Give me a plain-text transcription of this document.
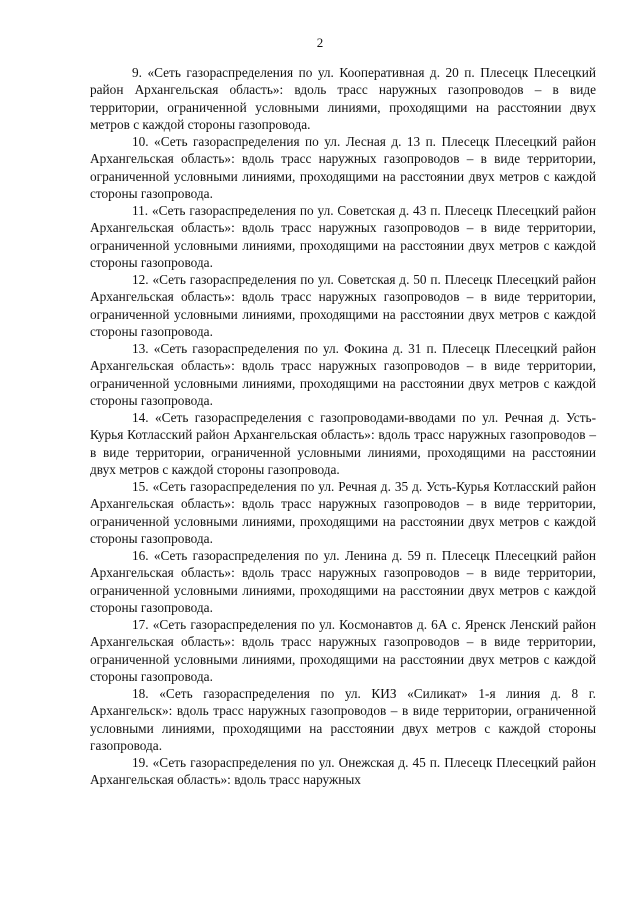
2

9. «Сеть газораспределения по ул. Кооперативная д. 20 п. Плесецк Плесецкий район Архангельская область»: вдоль трасс наружных газопроводов – в виде территории, ограниченной условными линиями, проходящими на расстоянии двух метров с каждой стороны газопровода.

10. «Сеть газораспределения по ул. Лесная д. 13 п. Плесецк Плесецкий район Архангельская область»: вдоль трасс наружных газопроводов – в виде территории, ограниченной условными линиями, проходящими на расстоянии двух метров с каждой стороны газопровода.

11. «Сеть газораспределения по ул. Советская д. 43 п. Плесецк Плесецкий район Архангельская область»: вдоль трасс наружных газопроводов – в виде территории, ограниченной условными линиями, проходящими на расстоянии двух метров с каждой стороны газопровода.

12. «Сеть газораспределения по ул. Советская д. 50 п. Плесецк Плесецкий район Архангельская область»: вдоль трасс наружных газопроводов – в виде территории, ограниченной условными линиями, проходящими на расстоянии двух метров с каждой стороны газопровода.

13. «Сеть газораспределения по ул. Фокина д. 31 п. Плесецк Плесецкий район Архангельская область»: вдоль трасс наружных газопроводов – в виде территории, ограниченной условными линиями, проходящими на расстоянии двух метров с каждой стороны газопровода.

14. «Сеть газораспределения с газопроводами-вводами по ул. Речная д. Усть-Курья Котласский район Архангельская область»: вдоль трасс наружных газопроводов – в виде территории, ограниченной условными линиями, проходящими на расстоянии двух метров с каждой стороны газопровода.

15. «Сеть газораспределения по ул. Речная д. 35 д. Усть-Курья Котласский район Архангельская область»: вдоль трасс наружных газопроводов – в виде территории, ограниченной условными линиями, проходящими на расстоянии двух метров с каждой стороны газопровода.

16. «Сеть газораспределения по ул. Ленина д. 59 п. Плесецк Плесецкий район Архангельская область»: вдоль трасс наружных газопроводов – в виде территории, ограниченной условными линиями, проходящими на расстоянии двух метров с каждой стороны газопровода.

17. «Сеть газораспределения по ул. Космонавтов д. 6А с. Яренск Ленский район Архангельская область»: вдоль трасс наружных газопроводов – в виде территории, ограниченной условными линиями, проходящими на расстоянии двух метров с каждой стороны газопровода.

18. «Сеть газораспределения по ул. КИЗ «Силикат» 1-я линия д. 8 г. Архангельск»: вдоль трасс наружных газопроводов – в виде территории, ограниченной условными линиями, проходящими на расстоянии двух метров с каждой стороны газопровода.

19. «Сеть газораспределения по ул. Онежская д. 45 п. Плесецк Плесецкий район Архангельская область»: вдоль трасс наружных
